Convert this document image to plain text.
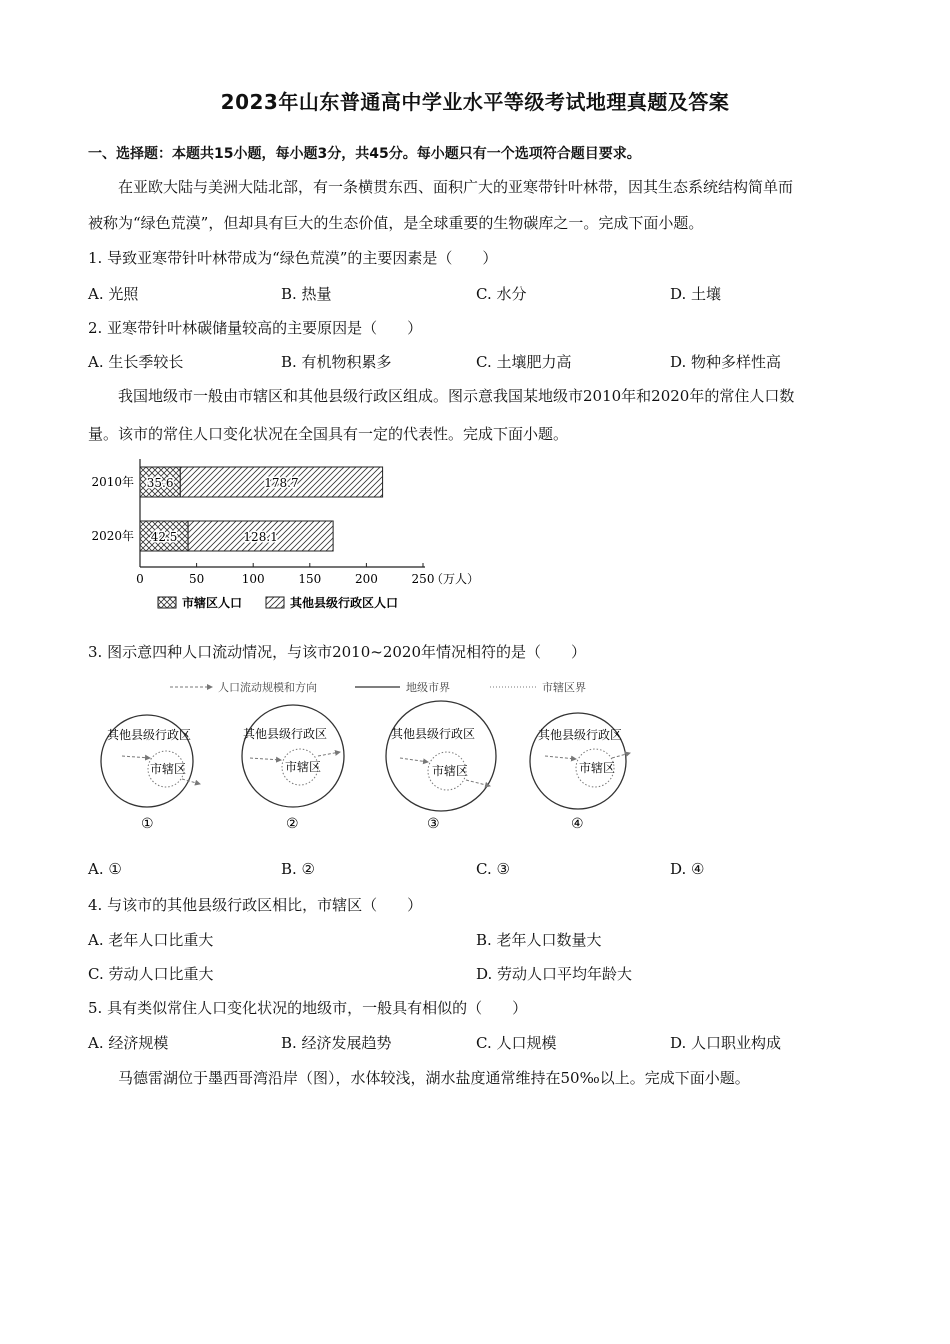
2023年山东普通高中学业水平等级考试地理真题及答案
一、选择题：本题共15小题，每小题3分，共45分。每小题只有一个选项符合题目要求。
在亚欧大陆与美洲大陆北部，有一条横贯东西、面积广大的亚寒带针叶林带，因其生态系统结构简单而
被称为“绿色荒漠”，但却具有巨大的生态价值，是全球重要的生物碳库之一。完成下面小题。
1. 导致亚寒带针叶林带成为“绿色荒漠”的主要因素是（　　）
A. 光照	B. 热量	C. 水分	D. 土壤
2. 亚寒带针叶林碳储量较高的主要原因是（　　）
A. 生长季较长	B. 有机物积累多	C. 土壤肥力高	D. 物种多样性高
我国地级市一般由市辖区和其他县级行政区组成。图示意我国某地级市2010年和2020年的常住人口数
量。该市的常住人口变化状况在全国具有一定的代表性。完成下面小题。
0	50	100	150	200	250
（万人）
2010年
2020年
35.6	178.7
42.5	128.1
市辖区人口	其他县级行政区人口
3. 图示意四种人口流动情况，与该市2010~2020年情况相符的是（　　）
人口流动规模和方向	地级市界	市辖区界
其他县级行政区
市辖区
①
其他县级行政区
市辖区
②
其他县级行政区
市辖区
③
其他县级行政区
市辖区
④
A. ①	B. ②	C. ③	D. ④
4. 与该市的其他县级行政区相比，市辖区（　　）
A. 老年人口比重大	B. 老年人口数量大
C. 劳动人口比重大	D. 劳动人口平均年龄大
5. 具有类似常住人口变化状况的地级市，一般具有相似的（　　）
A. 经济规模	B. 经济发展趋势	C. 人口规模	D. 人口职业构成
马德雷湖位于墨西哥湾沿岸（图），水体较浅，湖水盐度通常维持在50‰以上。完成下面小题。
